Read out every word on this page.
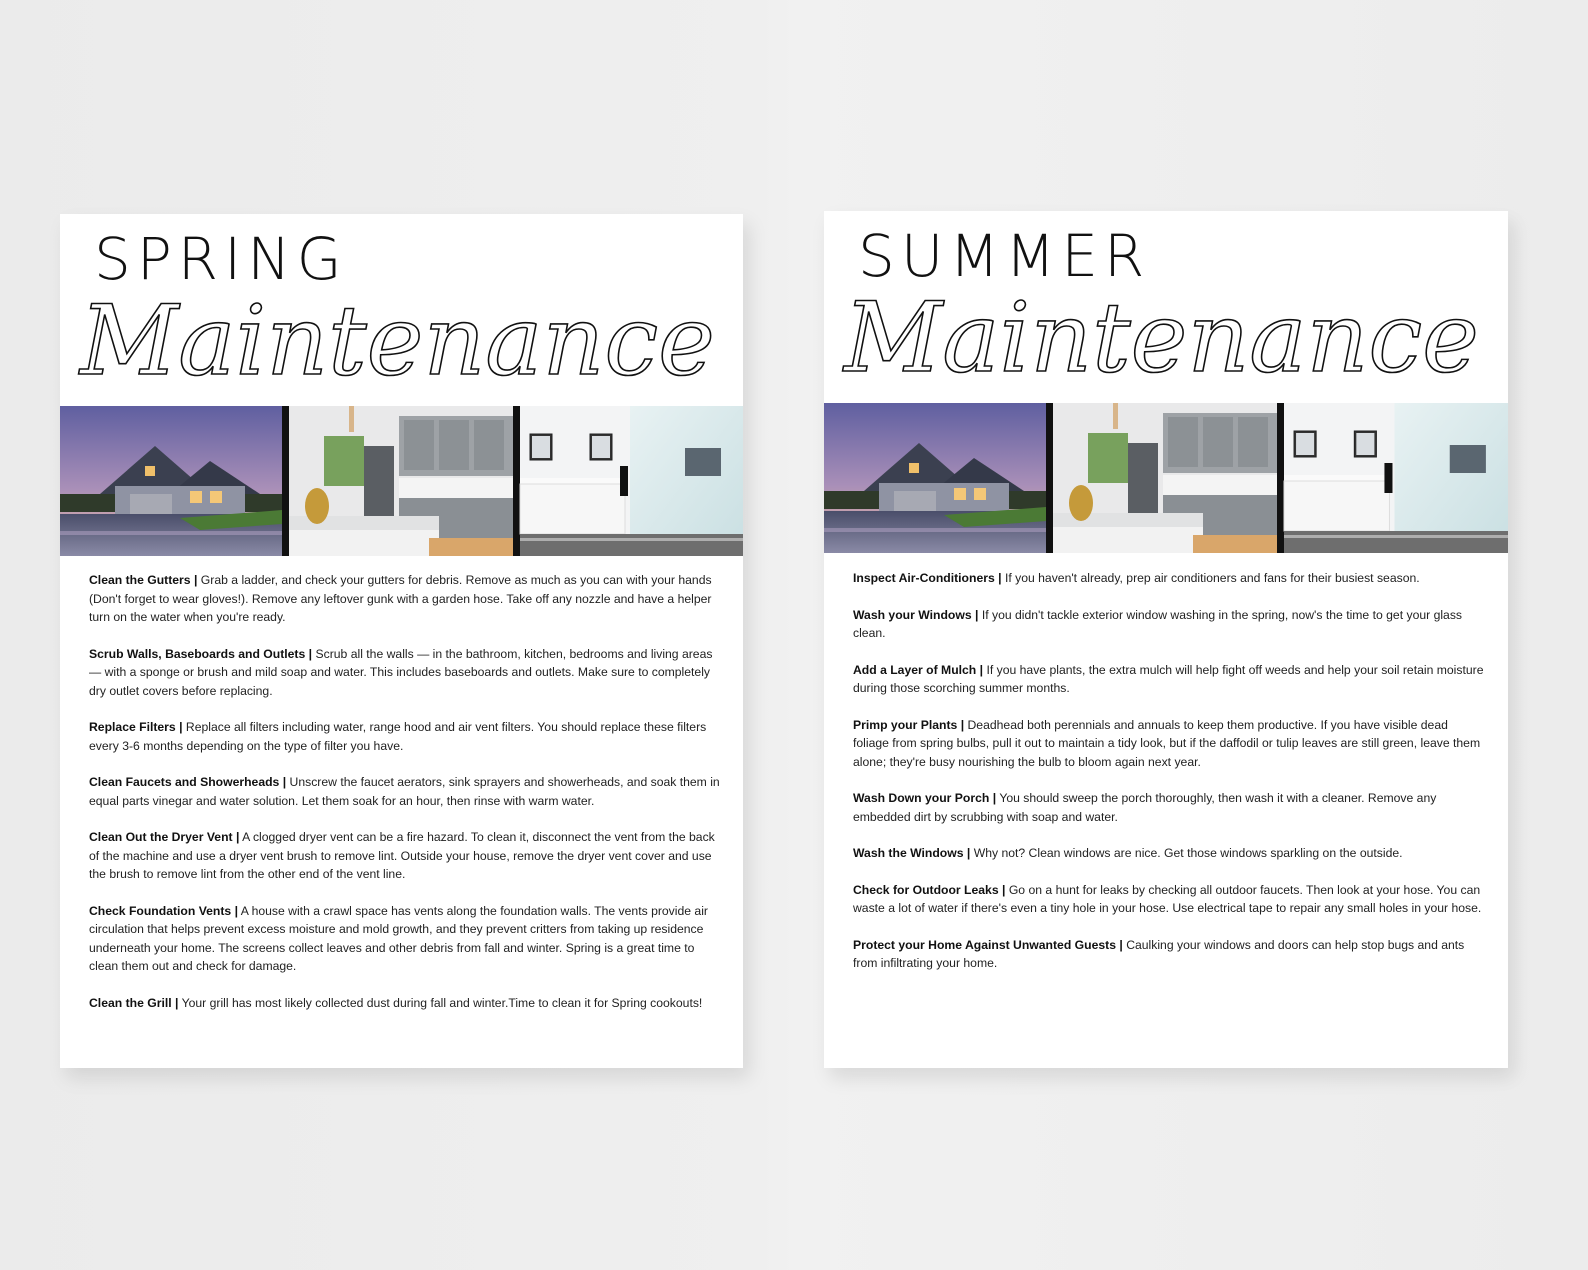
SPRING
Maintenance
Clean the Gutters | Grab a ladder, and check your gutters for debris. Remove as much as you can with your hands (Don't forget to wear gloves!). Remove any leftover gunk with a garden hose. Take off any nozzle and have a helper turn on the water when you're ready.
Scrub Walls, Baseboards and Outlets | Scrub all the walls — in the bathroom, kitchen, bedrooms and living areas — with a sponge or brush and mild soap and water. This includes baseboards and outlets. Make sure to completely dry outlet covers before replacing.
Replace Filters | Replace all filters including water, range hood and air vent filters. You should replace these filters every 3-6 months depending on the type of filter you have.
Clean Faucets and Showerheads | Unscrew the faucet aerators, sink sprayers and showerheads, and soak them in equal parts vinegar and water solution. Let them soak for an hour, then rinse with warm water.
Clean Out the Dryer Vent | A clogged dryer vent can be a fire hazard. To clean it, disconnect the vent from the back of the machine and use a dryer vent brush to remove lint. Outside your house, remove the dryer vent cover and use the brush to remove lint from the other end of the vent line.
Check Foundation Vents | A house with a crawl space has vents along the foundation walls. The vents provide air circulation that helps prevent excess moisture and mold growth, and they prevent critters from taking up residence underneath your home. The screens collect leaves and other debris from fall and winter. Spring is a great time to clean them out and check for damage.
Clean the Grill | Your grill has most likely collected dust during fall and winter.Time to clean it for Spring cookouts!
SUMMER
Maintenance
Inspect Air-Conditioners | If you haven't already, prep air conditioners and fans for their busiest season.
Wash your Windows | If you didn't tackle exterior window washing in the spring, now's the time to get your glass clean.
Add a Layer of Mulch | If you have plants, the extra mulch will help fight off weeds and help your soil retain moisture during those scorching summer months.
Primp your Plants | Deadhead both perennials and annuals to keep them productive. If you have visible dead foliage from spring bulbs, pull it out to maintain a tidy look, but if the daffodil or tulip leaves are still green, leave them alone; they're busy nourishing the bulb to bloom again next year.
Wash Down your Porch | You should sweep the porch thoroughly, then wash it with a cleaner. Remove any embedded dirt by scrubbing with soap and water.
Wash the Windows | Why not? Clean windows are nice. Get those windows sparkling on the outside.
Check for Outdoor Leaks | Go on a hunt for leaks by checking all outdoor faucets. Then look at your hose. You can waste a lot of water if there's even a tiny hole in your hose. Use electrical tape to repair any small holes in your hose.
Protect your Home Against Unwanted Guests | Caulking your windows and doors can help stop bugs and ants from infiltrating your home.
